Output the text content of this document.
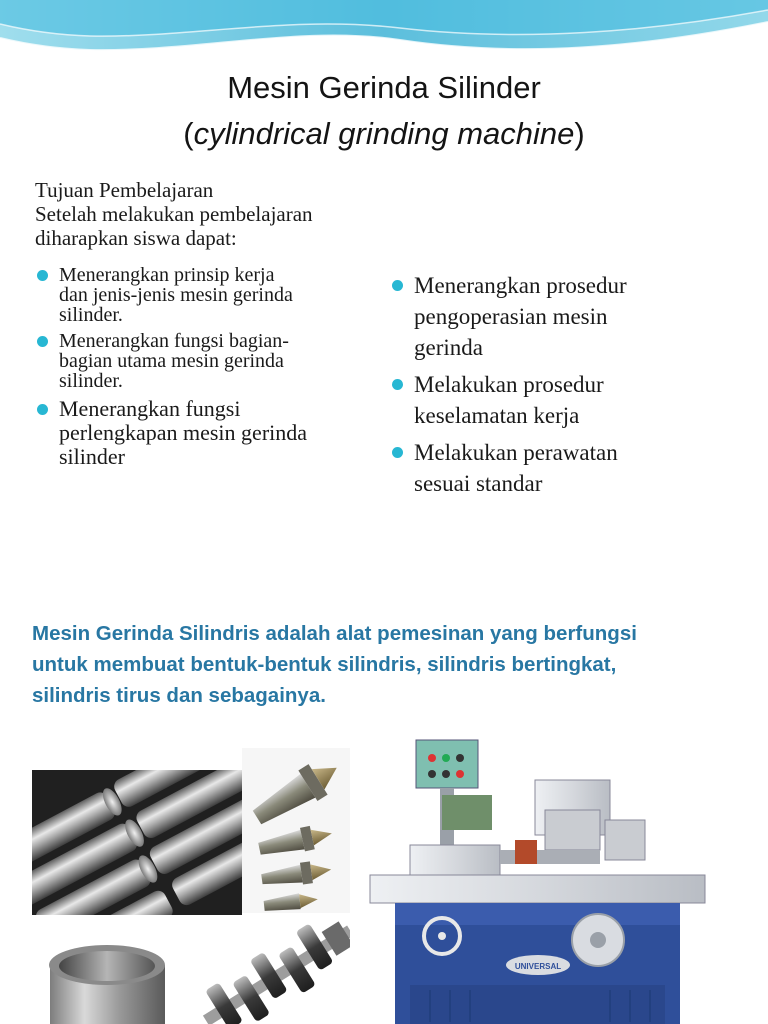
Mesin Gerinda Silinder
(cylindrical grinding machine)
Tujuan Pembelajaran
Setelah melakukan pembelajaran
diharapkan siswa dapat:
Menerangkan prinsip kerja
dan jenis-jenis mesin gerinda
silinder.
Menerangkan fungsi bagian-
bagian utama mesin gerinda
silinder.
Menerangkan fungsi
perlengkapan mesin gerinda
silinder
Menerangkan prosedur
pengoperasian mesin
gerinda
Melakukan prosedur
keselamatan kerja
Melakukan perawatan
sesuai standar
Mesin Gerinda Silindris adalah alat pemesinan yang berfungsi
untuk membuat bentuk-bentuk silindris, silindris bertingkat,
silindris tirus dan sebagainya.
UNIVERSAL
